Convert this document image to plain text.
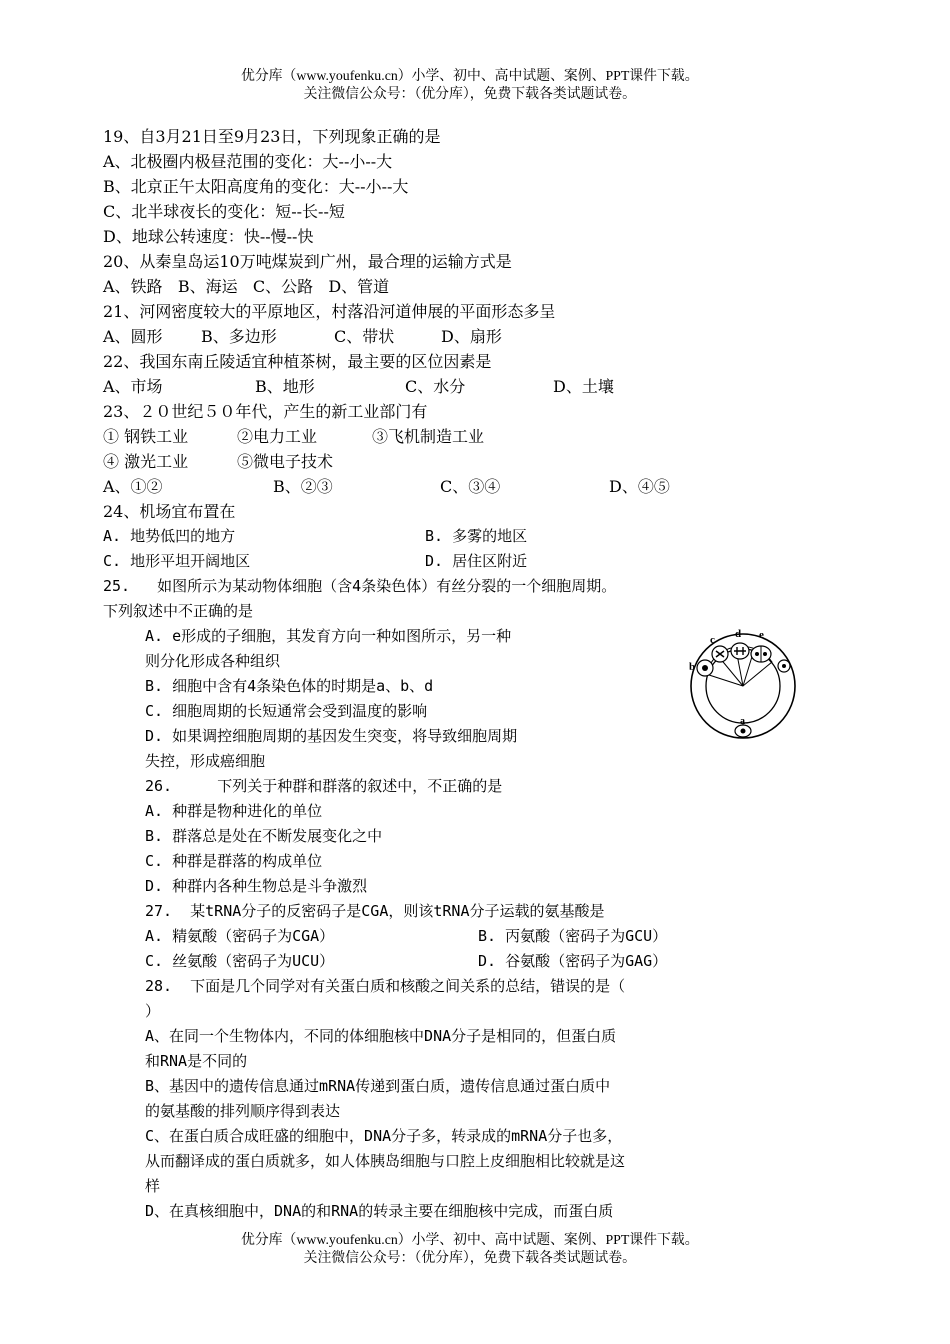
优分库（www.youfenku.cn）小学、初中、高中试题、案例、PPT课件下载。
关注微信公众号：（优分库），免费下载各类试题试卷。
19、自3月21日至9月23日，下列现象正确的是
A、北极圈内极昼范围的变化：大--小--大
B、北京正午太阳高度角的变化：大--小--大
C、北半球夜长的变化：短--长--短
D、地球公转速度：快--慢--快
20、从秦皇岛运10万吨煤炭到广州，最合理的运输方式是
A、铁路   B、海运   C、公路   D、管道
21、河网密度较大的平原地区，村落沿河道伸展的平面形态多呈
A、圆形 B、多边形	C、带状	D、扇形
22、我国东南丘陵适宜种植茶树，最主要的区位因素是
A、市场	B、地形	C、水分	D、土壤
23、２０世纪５０年代，产生的新工业部门有
① 钢铁工业	②电力工业	③飞机制造工业
④ 激光工业	⑤微电子技术
A、①②	B、②③	C、③④	D、④⑤
24、机场宜布置在
A. 地势低凹的地方	B. 多雾的地区
C. 地形平坦开阔地区	D. 居住区附近
25.   如图所示为某动物体细胞（含4条染色体）有丝分裂的一个细胞周期。
下列叙述中不正确的是
A. e形成的子细胞，其发育方向一种如图所示，另一种
则分化形成各种组织
B. 细胞中含有4条染色体的时期是a、b、d
C. 细胞周期的长短通常会受到温度的影响
D. 如果调控细胞周期的基因发生突变，将导致细胞周期
失控，形成癌细胞
a
b
c d e
26.     下列关于种群和群落的叙述中，不正确的是
A. 种群是物种进化的单位
B. 群落总是处在不断发展变化之中
C. 种群是群落的构成单位
D. 种群内各种生物总是斗争激烈
27.  某tRNA分子的反密码子是CGA，则该tRNA分子运载的氨基酸是
A. 精氨酸（密码子为CGA）	B. 丙氨酸（密码子为GCU）
C. 丝氨酸（密码子为UCU）	D. 谷氨酸（密码子为GAG）
28.  下面是几个同学对有关蛋白质和核酸之间关系的总结，错误的是（
）
A、在同一个生物体内，不同的体细胞核中DNA分子是相同的，但蛋白质
和RNA是不同的
B、基因中的遗传信息通过mRNA传递到蛋白质，遗传信息通过蛋白质中
的氨基酸的排列顺序得到表达
C、在蛋白质合成旺盛的细胞中，DNA分子多，转录成的mRNA分子也多，
从而翻译成的蛋白质就多，如人体胰岛细胞与口腔上皮细胞相比较就是这
样
D、在真核细胞中，DNA的和RNA的转录主要在细胞核中完成，而蛋白质
优分库（www.youfenku.cn）小学、初中、高中试题、案例、PPT课件下载。
关注微信公众号：（优分库），免费下载各类试题试卷。
